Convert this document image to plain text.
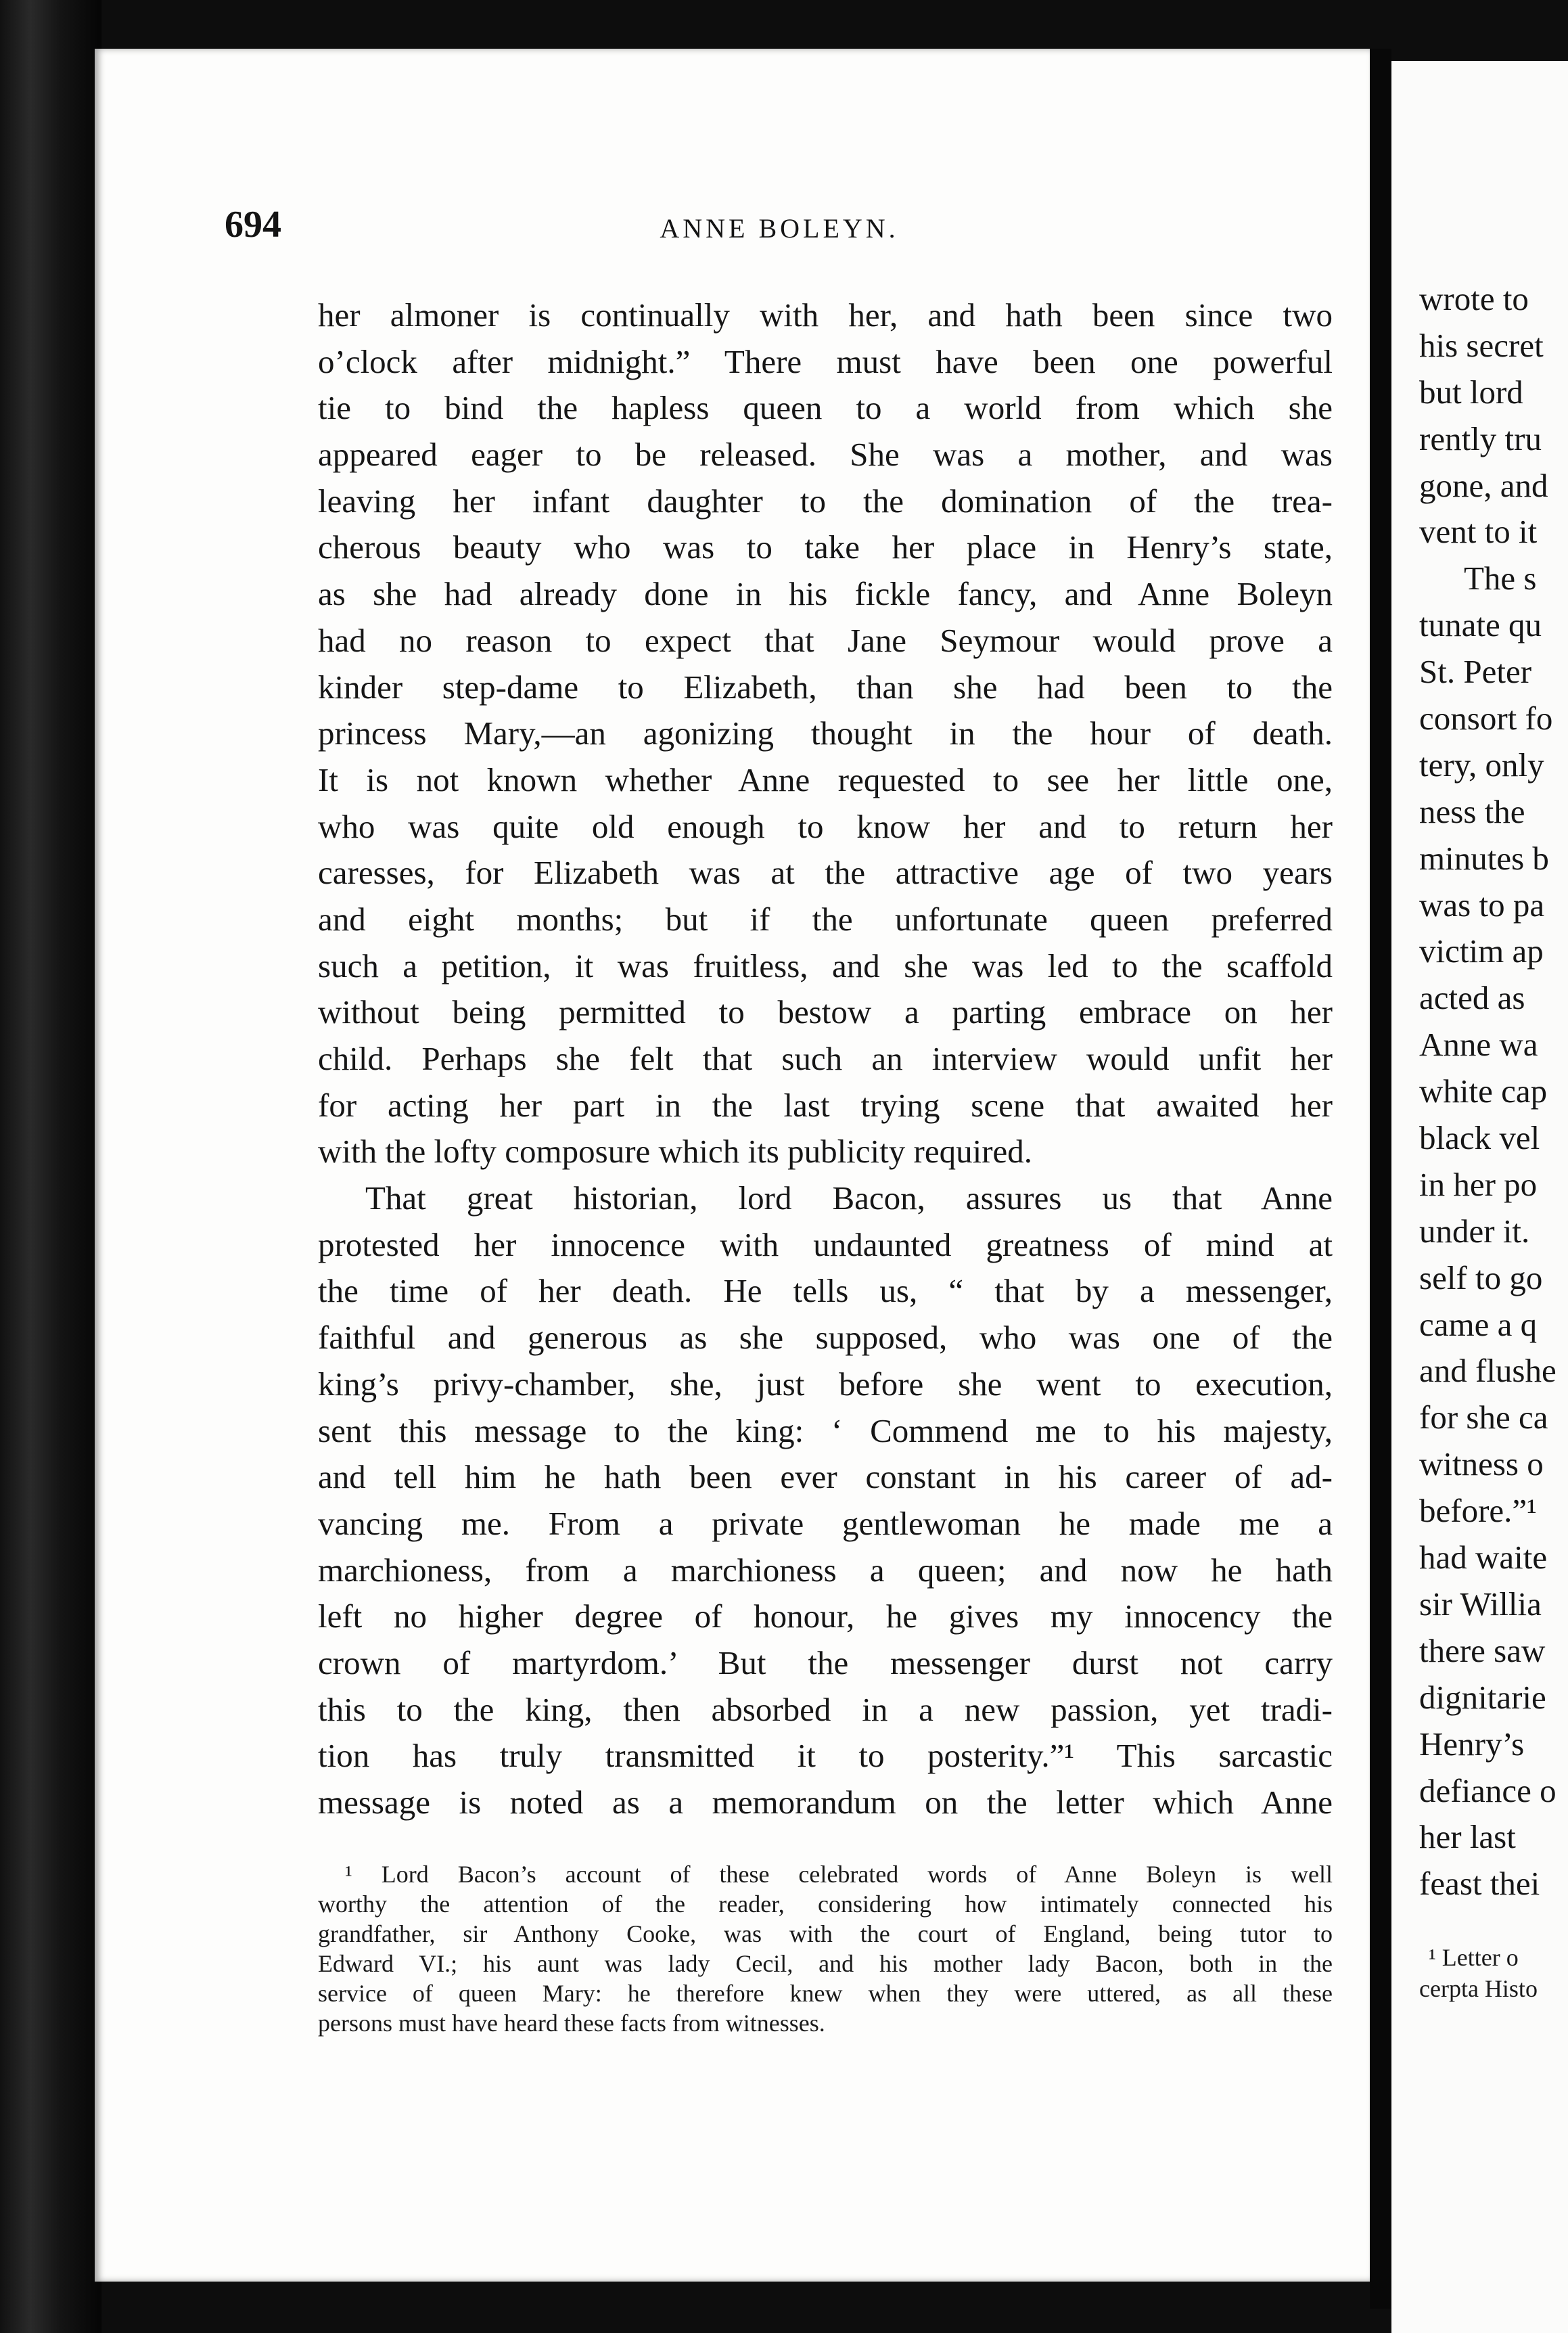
694	ANNE BOLEYN.
her almoner is continually with her, and hath been since two
o’clock after midnight.” There must have been one powerful
tie to bind the hapless queen to a world from which she
appeared eager to be released. She was a mother, and was
leaving her infant daughter to the domination of the trea-
cherous beauty who was to take her place in Henry’s state,
as she had already done in his fickle fancy, and Anne Boleyn
had no reason to expect that Jane Seymour would prove a
kinder step-dame to Elizabeth, than she had been to the
princess Mary,—an agonizing thought in the hour of death.
It is not known whether Anne requested to see her little one,
who was quite old enough to know her and to return her
caresses, for Elizabeth was at the attractive age of two years
and eight months; but if the unfortunate queen preferred
such a petition, it was fruitless, and she was led to the scaffold
without being permitted to bestow a parting embrace on her
child. Perhaps she felt that such an interview would unfit her
for acting her part in the last trying scene that awaited her
with the lofty composure which its publicity required.
That great historian, lord Bacon, assures us that Anne
protested her innocence with undaunted greatness of mind at
the time of her death. He tells us, “ that by a messenger,
faithful and generous as she supposed, who was one of the
king’s privy-chamber, she, just before she went to execution,
sent this message to the king: ‘ Commend me to his majesty,
and tell him he hath been ever constant in his career of ad-
vancing me. From a private gentlewoman he made me a
marchioness, from a marchioness a queen; and now he hath
left no higher degree of honour, he gives my innocency the
crown of martyrdom.’ But the messenger durst not carry
this to the king, then absorbed in a new passion, yet tradi-
tion has truly transmitted it to posterity.”¹ This sarcastic
message is noted as a memorandum on the letter which Anne
¹ Lord Bacon’s account of these celebrated words of Anne Boleyn is well
worthy the attention of the reader, considering how intimately connected his
grandfather, sir Anthony Cooke, was with the court of England, being tutor to
Edward VI.; his aunt was lady Cecil, and his mother lady Bacon, both in the
service of queen Mary: he therefore knew when they were uttered, as all these
persons must have heard these facts from witnesses.
wrote to
his secret
but lord
rently tru
gone, and
vent to it
The s
tunate qu
St. Peter
consort fo
tery, only
ness the
minutes b
was to pa
victim ap
acted as
Anne wa
white cap
black vel
in her po
under it.
self to go
came a q
and flushe
for she ca
witness o
before.”¹
had waite
sir Willia
there saw
dignitarie
Henry’s
defiance o
her last
feast thei
¹ Letter o
cerpta Histo
